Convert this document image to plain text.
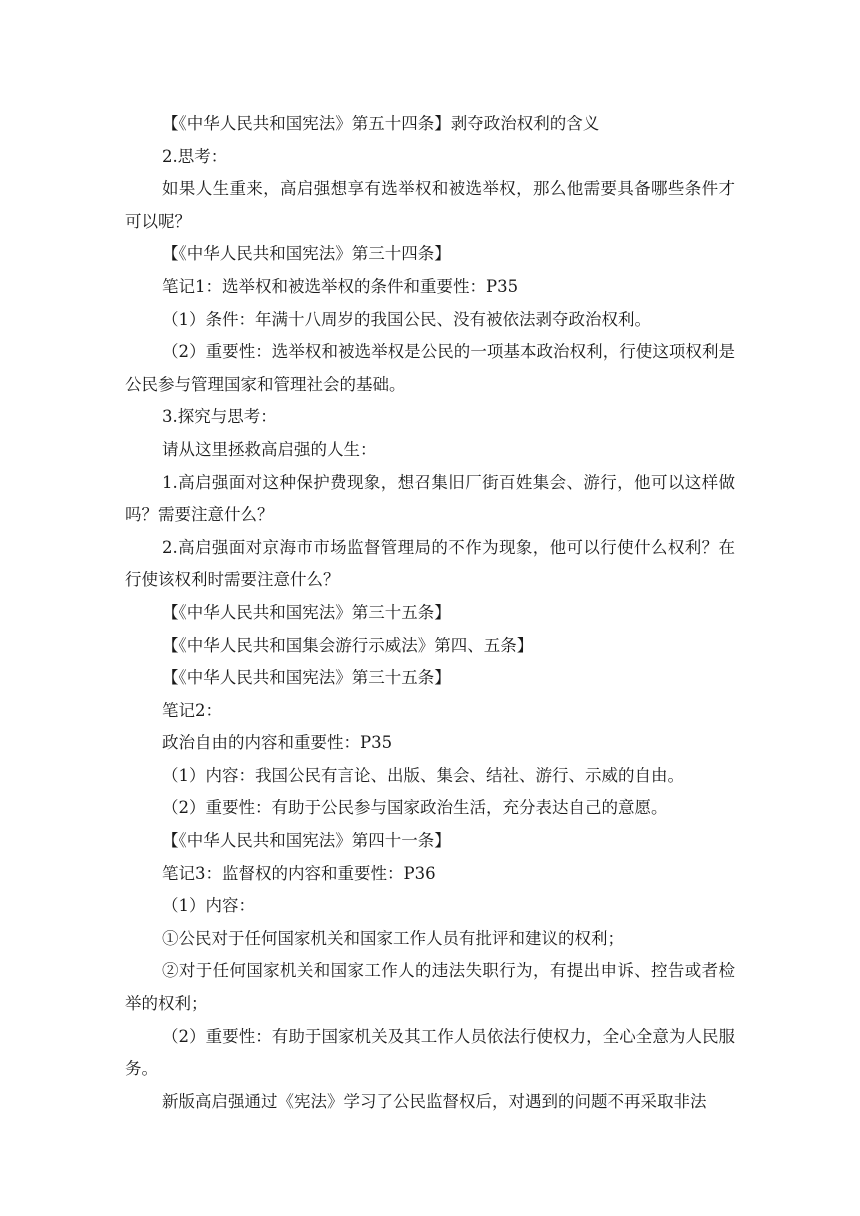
【《中华人民共和国宪法》第五十四条】剥夺政治权利的含义

2.思考：

如果人生重来，高启强想享有选举权和被选举权，那么他需要具备哪些条件才可以呢？

【《中华人民共和国宪法》第三十四条】

笔记1：选举权和被选举权的条件和重要性：P35

（1）条件：年满十八周岁的我国公民、没有被依法剥夺政治权利。

（2）重要性：选举权和被选举权是公民的一项基本政治权利，行使这项权利是公民参与管理国家和管理社会的基础。

3.探究与思考：

请从这里拯救高启强的人生：

1.高启强面对这种保护费现象，想召集旧厂街百姓集会、游行，他可以这样做吗？需要注意什么？

2.高启强面对京海市市场监督管理局的不作为现象，他可以行使什么权利？在行使该权利时需要注意什么？

【《中华人民共和国宪法》第三十五条】

【《中华人民共和国集会游行示威法》第四、五条】

【《中华人民共和国宪法》第三十五条】

笔记2：

政治自由的内容和重要性：P35

（1）内容：我国公民有言论、出版、集会、结社、游行、示威的自由。

（2）重要性：有助于公民参与国家政治生活，充分表达自己的意愿。

【《中华人民共和国宪法》第四十一条】

笔记3：监督权的内容和重要性：P36

（1）内容：

①公民对于任何国家机关和国家工作人员有批评和建议的权利；

②对于任何国家机关和国家工作人的违法失职行为，有提出申诉、控告或者检举的权利；

（2）重要性：有助于国家机关及其工作人员依法行使权力，全心全意为人民服务。

新版高启强通过《宪法》学习了公民监督权后，对遇到的问题不再采取非法
